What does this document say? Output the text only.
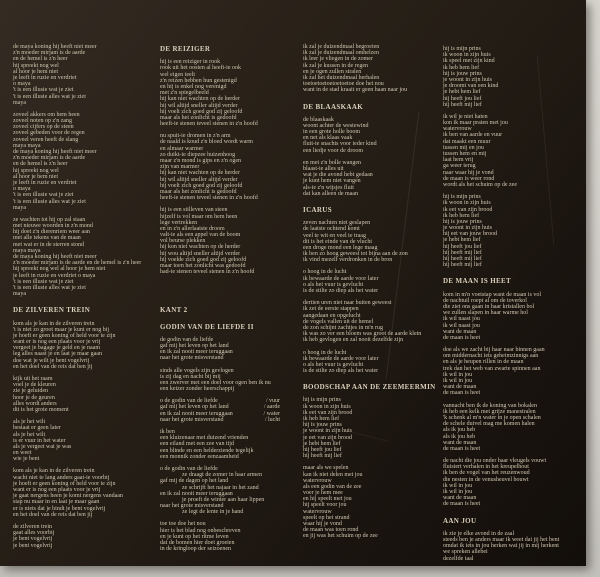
de maya koning hij heeft niet meer
z'n moeder mirjam is de aarde
en de hemel is z'n heer
hij spreekt nog wel
al hoor je hem niet
je leeft in ruzie en verdriet
o maya
't is een illusie wat je ziet
't is een illusie alles wat je ziet
maya
zoveel akkers om hem heen
zoveel noten op z'n zang
zoveel cijfers op de steen
zoveel gebeden voor de regen
zoveel veren heeft de slang
maya maya
de maya koning hij heeft niet meer
z'n moeder mirjam is de aarde
en de hemel is z'n heer
hij spreekt nog wel
al hoor je hem niet
je leeft in ruzie en verdriet
o maya
't is een illusie wat je ziet
't is een illusie alles wat je ziet
maya
ze wachten tot hij op zal staan
met nieuwe woorden in z'n mond
hij doet z'n dierenriem weer aan
met alle tekens van de maan
met wat er in de sterren stond
maya maya
de maya koning hij heeft niet meer
z'n moeder mirjam is de aarde en de hemel is z'n heer
hij spreekt nog wel al hoor je hem niet
je leeft in ruzie en verdriet o maya
't is een illusie wat je ziet
't is een illusie alles wat je ziet
maya
DE ZILVEREN TREIN
kom als je kan in de zilveren trein
't is niet zo groot maar je kunt er nog bij
je hoeft er geen koning of held voor te zijn
want er is nog een plaats voor je vrij
vergeet je bagage je geld en je naam
leg alles naast je en laat je maar gaan
doe wat je wilt je bent vogelvrij
en het doel van de reis dat ben jij
kijk uit het raam
voel je de kleuren
zie je geluiden
hoor je de geuren
alles wordt anders
dit is het grote moment
als je het wilt
bestaat er geen later
als je het wilt
is er vuur in het water
als je vergeet wat je was
en weet
wie je bent
kom als je kan in de zilveren trein
wacht niet te lang anders gaat-ie voorbij
je hoeft er geen koning of held voor te zijn
want er is nog een plaats voor je vrij
je gaat nergens heen je komt nergens vandaan
stap nu maar in en laat je maar gaan
er is niets dat je bindt je bent vogelvrij
en het doel van de reis dat ben jij
de zilveren trein
gaat alles voorbij
je bent vogelvrij
je bent vogelvrij
DE REIZIGER
hij is een reiziger in rook
rook uit het oosten al heeft-ie ook
wel eigen teelt
z'n reizen hebben hun gestenigd
en hij is enkel nog verenigd
met z'n spiegelbeeld
hij kan niet wachten op de herder
hij wil altijd sneller altijd verder
hij voelt zich goed god zij geloofd
maar als het zonlicht is gedoofd
heeft-ie stenen teveel stenen in z'n hoofd
nu spuit-ie dromen in z'n arm
de naald is koud z'n bloed wordt warm
en almaar warmer
zo duikt-ie diepzee huizenhoog
maar z'n mond is gips en z'n ogen
zijn van marmer
hij kan niet wachten op de herder
hij wil altijd sneller altijd verder
hij voelt zich goed god zij geloofd
maar als het zonlicht is gedoofd
heeft-ie stenen teveel stenen in z'n hoofd
hij is een stilleven van steen
hijzelf is vol maar om hem heen
lege vertrekken
en in z'n allerlaatste droom
valt-ie als een appel van de boom
vol beurse plekken
hij kon niet wachten op de herder
hij wou altijd sneller altijd verder
hij voelde zich goed god zij geloofd
maar toen het zonlicht was gedoofd
had-ie stenen teveel stenen in z'n hoofd
KANT 2
GODIN VAN DE LIEFDE II
de godin van de liefde
gaf mij het leven op het land
en ik zal nooit meer teruggaan
naar het grote misverstand
sinds alle vogels zijn gevlogen
is zij dag en nacht bij mij
een zwerver met een doel voor ogen ben ik nu
een keizer zonder heerschappij
o de godin van de liefde	/ vuur
gaf mij het leven op het land	/ aarde
en ik zal nooit meer teruggaan	/ water
naar het grote misverstand	/ lucht
ik ben
een kluizenaar met duizend vrienden
een eiland met een zee van tijd
een blinde en een helderziende tegelijk
een monnik zonder eenzaamheid
o de godin van de liefde
ze draagt de zomer in haar armen
gaf mij de dagen op het land
ze schrijft het najaar in het zand
en ik zal nooit meer teruggaan
je proeft de winter aan haar lippen
naar het grote misverstand
ze legt de lente in je hand
toe toe doe het nou
hier is het blad nog onbeschreven
en je kunt op het ritme leven
dat de bomen hier doet groeien
in de kringloop der seizoenen
ik zal je duizendmaal begroeten
ik zal je duizendmaal omhelzen
ik leer je vliegen in de zomer
ik zal je kussen in de regen
en je ogen zullen stralen
ik zal het duizendmaal herhalen
toetoetoetoetoetoetoe doe het nou
want in de stad kraait er geen haan naar jou
DE BLAASKAAK
de blaaskaak
woont achter de westewind
in een grote holle boom
en net als klaas vaak
fluit-ie snachts voor ieder kind
een liedje voor de droom
en met z'n bolle wangen
blaast-ie alles uit
wat je die avond hebt gedaan
je kunt hem niet vangen
als-ie z'n wijsjes fluit
dat kan alleen de maan
ICARUS
zeven nachten niet geslapen
de laatste ochtend komt
veel te wit en veel te traag
dit is het einde van de vlucht
een droge mond een lege maag
ik ben zo hoog geweest tot bijna aan de zon
ik vind mezelf verdronken in de bron
o hoog in de lucht
ik bewaarde de aarde voor later
o als het vuur is gevlucht
is de stilte zo diep als het water
dertien uren niet naar buiten geweest
ik zet de eerste stappen
aangedaan en opgelucht
de vogels vallen uit de hemel
de zon schijnt zachtjes in m'n rug
ik was zo ver een bloem was groot de aarde klein
ik heb gevlogen en zal nooit dezelfde zijn
o hoog in de lucht
ik bewaarde de aarde voor later
o als het vuur is gevlucht
is de stilte zo diep als het water
BOODSCHAP AAN DE ZEEMEERMIN
hij is mijn prins
ik woon in zijn huis
ik eet van zijn brood
ik heb hem lief
hij is jouw prins
je woont in zijn huis
je eet van zijn brood
je hebt hem lief
hij heeft jou lief
hij heeft mij lief
maar als we spelen
kan ik niet delen met jou
watervrouw
als een godin van de zee
voer je hem mee
en hij speelt met jou
hij speelt voor jou
watervrouw
speelt op het strand
waar hij je vond
de maan was toen rond
en jij was het schuim op de zee
hij is mijn prins
ik woon in zijn huis
ik speel met zijn kind
ik heb hem lief
hij is jouw prins
je woont in zijn huis
je droomt van een kind
je hebt hem lief
hij heeft jou lief
hij heeft mij lief
ik wil je niet haten
kon ik maar praten met jou
watervrouw
ik ben van aarde en vuur
dat maakt een muur
tussen mij en jou
tussen hem en mij
laat hem vrij
ga weer terug
naar waar hij je vond
de maan is weer rond
wordt als het schuim op de zee
hij is mijn prins
ik woon in zijn huis
ik eet van zijn brood
ik heb hem lief
hij is jouw prins
je woont in zijn huis
hij eet van jouw brood
je hebt hem lief
hij heeft jou lief
hij heeft mij lief
hij heeft mij lief
hij heeft mij lief
DE MAAN IS HEET
kom in m'n voetstap want de maan is vol
de nachtuil roept al om de toverkol
die ziet ons gaan in haar kristallen bol
we zullen slapen in haar warme hol
ik wil naast jou
ik wil naast jou
want de maan
de maan is heet
doe als we zacht bij haar naar binnen gaan
om middernacht iets geheimzinnigs aan
en als je heupen rillen in de maan
trek dan het web van zwarte spinnen aan
ik wil in jou
ik wil in jou
want de maan
de maan is heet
vannacht ben ik de koning van bokalen
ik heb een kelk met grijze manestralen
'k schenk al m'n water in je open schalen
de schele duivel mag me komen halen
als ik jou heb
als ik jou heb
want de maan
de maan is heet
de nacht die jou onder haar vleugels vouwt
fluistert verhalen in het kreupelhout
ik ben de vogel van het reuzenwoud
die nesten in de venusheuvel bouwt
ik wil in jou
ik wil in jou
want de maan
de maan is heet
AAN JOU
ik zie je elke avond in de zaal
steeds ben je anders maar ik weet dat jij het bent
omdat ik iets in jou herken wat jij in mij herkent
we spreken allebei
dezelfde taal
